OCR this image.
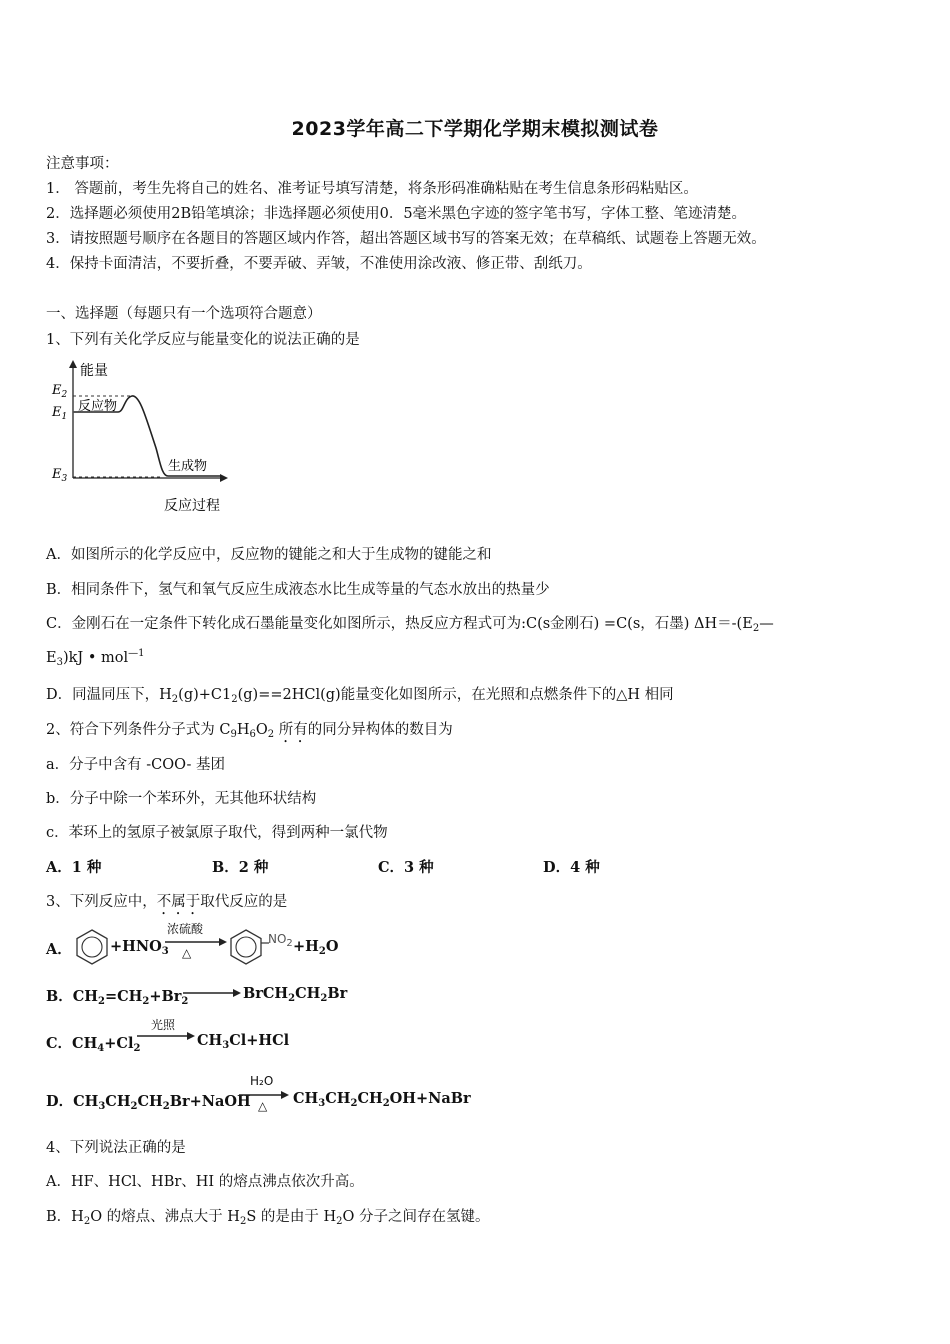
2023学年高二下学期化学期末模拟测试卷
注意事项：
1． 答题前，考生先将自己的姓名、准考证号填写清楚，将条形码准确粘贴在考生信息条形码粘贴区。
2．选择题必须使用2B铅笔填涂；非选择题必须使用0．5毫米黑色字迹的签字笔书写，字体工整、笔迹清楚。
3．请按照题号顺序在各题目的答题区域内作答，超出答题区域书写的答案无效；在草稿纸、试题卷上答题无效。
4．保持卡面清洁，不要折叠，不要弄破、弄皱，不准使用涂改液、修正带、刮纸刀。
一、选择题（每题只有一个选项符合题意）
1、下列有关化学反应与能量变化的说法正确的是
能量
反应过程
$E_2$
$E_1$
$E_3$
反应物
生成物
A．如图所示的化学反应中，反应物的键能之和大于生成物的键能之和
B．相同条件下，氢气和氧气反应生成液态水比生成等量的气态水放出的热量少
C．金刚石在一定条件下转化成石墨能量变化如图所示，热反应方程式可为:C(s金刚石) =C(s，石墨) $\Delta H=-(E_2—$
$E_3)kJ$ • mol$^{—1}$
D．同温同压下，$H_2(g)+C1_2(g)==2HCl(g)$能量变化如图所示，在光照和点燃条件下的△H 相同
2、符合下列条件分子式为 $C_9H_6O_2$ 所有的同分异构体的数目为
a．分子中含有 -COO- 基团
b．分子中除一个苯环外，无其他环状结构
c．苯环上的氢原子被氯原子取代，得到两种一氯代物
A．1 种	B．2 种	C．3 种	D．4 种
3、下列反应中，不属于取代反应的是
A．	$+HNO_3$
浓硫酸
△
$NO_2 +H_2O$
B．$CH_2=CH_2+Br_2$ → $BrCH_2CH_2Br$
C．$CH_4+Cl_2$
光照
→ $CH_3Cl+HCl$
D．$CH_3CH_2CH_2Br+NaOH$
H₂O
△ $CH_3CH_2CH_2OH+NaBr$
4、下列说法正确的是
A．HF、HCl、HBr、HI 的熔点沸点依次升高。
B．$H_2O$ 的熔点、沸点大于 $H_2S$ 的是由于 $H_2O$ 分子之间存在氢键。
